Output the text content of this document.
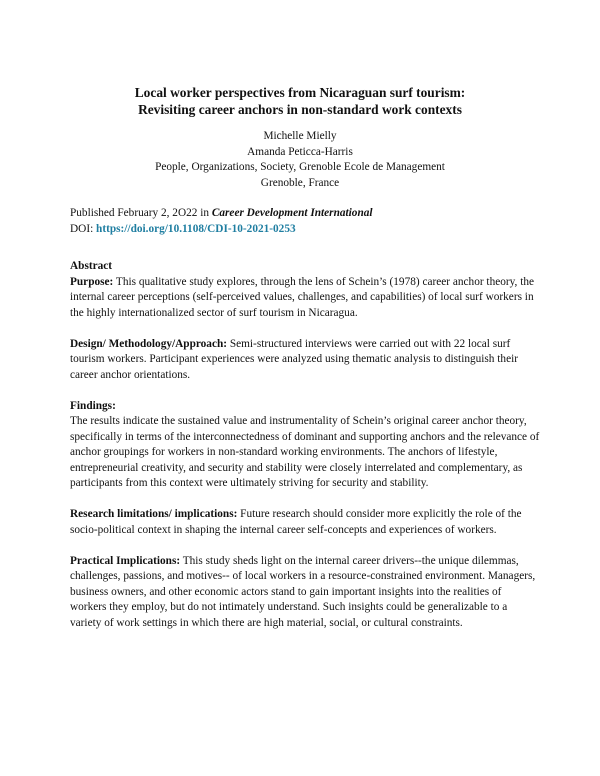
Local worker perspectives from Nicaraguan surf tourism:
Revisiting career anchors in non-standard work contexts
Michelle Mielly
Amanda Peticca-Harris
People, Organizations, Society, Grenoble Ecole de Management
Grenoble, France
Published February 2, 2O22 in Career Development International
DOI: https://doi.org/10.1108/CDI-10-2021-0253

Abstract
Purpose: This qualitative study explores, through the lens of Schein’s (1978) career anchor theory, the internal career perceptions (self-perceived values, challenges, and capabilities) of local surf workers in the highly internationalized sector of surf tourism in Nicaragua.

Design/ Methodology/Approach: Semi-structured interviews were carried out with 22 local surf tourism workers. Participant experiences were analyzed using thematic analysis to distinguish their career anchor orientations.

Findings:
The results indicate the sustained value and instrumentality of Schein’s original career anchor theory, specifically in terms of the interconnectedness of dominant and supporting anchors and the relevance of anchor groupings for workers in non-standard working environments. The anchors of lifestyle, entrepreneurial creativity, and security and stability were closely interrelated and complementary, as participants from this context were ultimately striving for security and stability.

Research limitations/ implications: Future research should consider more explicitly the role of the socio-political context in shaping the internal career self-concepts and experiences of workers.

Practical Implications: This study sheds light on the internal career drivers--the unique dilemmas, challenges, passions, and motives-- of local workers in a resource-constrained environment. Managers, business owners, and other economic actors stand to gain important insights into the realities of workers they employ, but do not intimately understand. Such insights could be generalizable to a variety of work settings in which there are high material, social, or cultural constraints.
